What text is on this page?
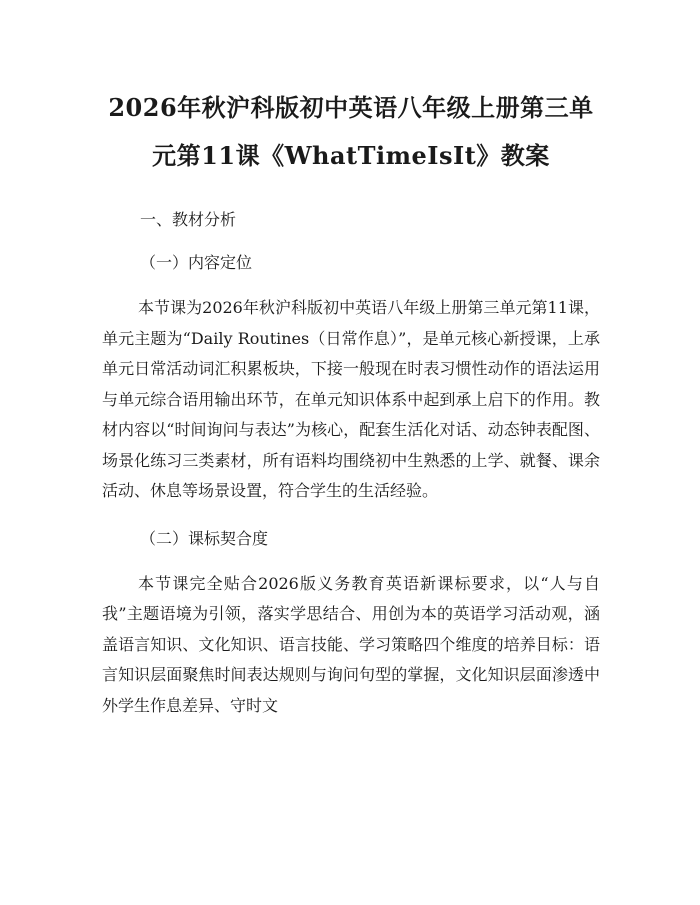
2026年秋沪科版初中英语八年级上册第三单
元第11课《WhatTimeIsIt》教案

一、教材分析

（一）内容定位

本节课为2026年秋沪科版初中英语八年级上册第三单元第11课，单元主题为“Daily Routines（日常作息）”，是单元核心新授课，上承单元日常活动词汇积累板块，下接一般现在时表习惯性动作的语法运用与单元综合语用输出环节，在单元知识体系中起到承上启下的作用。教材内容以“时间询问与表达”为核心，配套生活化对话、动态钟表配图、场景化练习三类素材，所有语料均围绕初中生熟悉的上学、就餐、课余活动、休息等场景设置，符合学生的生活经验。

（二）课标契合度

本节课完全贴合2026版义务教育英语新课标要求，以“人与自我”主题语境为引领，落实学思结合、用创为本的英语学习活动观，涵盖语言知识、文化知识、语言技能、学习策略四个维度的培养目标：语言知识层面聚焦时间表达规则与询问句型的掌握，文化知识层面渗透中外学生作息差异、守时文
